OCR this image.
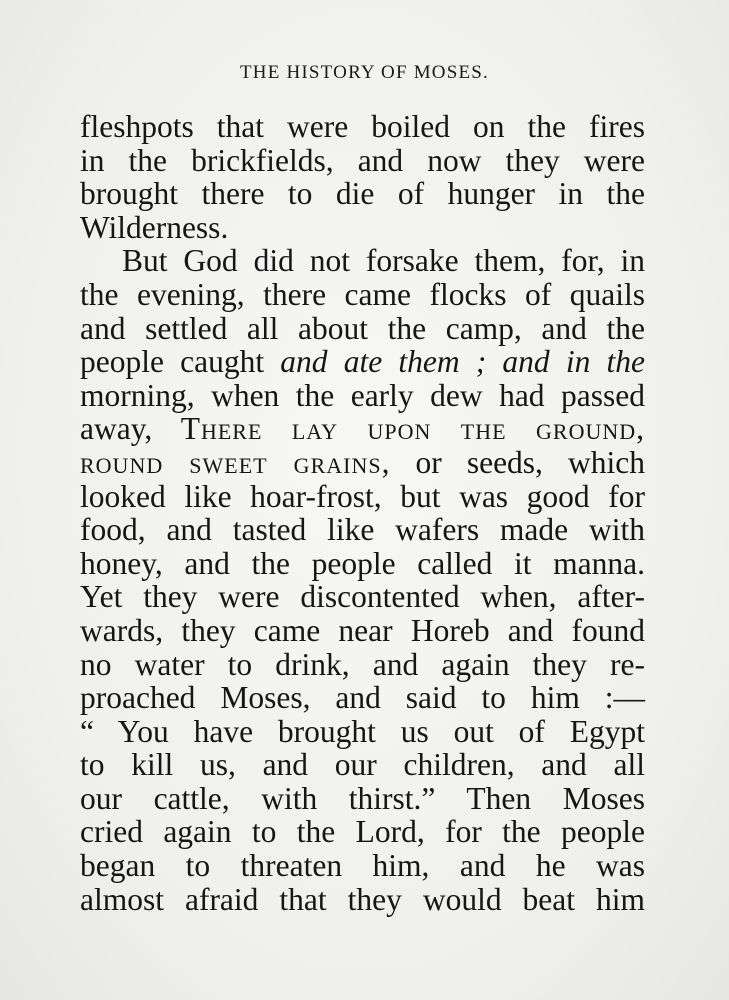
THE HISTORY OF MOSES.
fleshpots that were boiled on the fires
in the brickfields, and now they were
brought there to die of hunger in the
Wilderness.
But God did not forsake them, for, in
the evening, there came flocks of quails
and settled all about the camp, and the
people caught and ate them ; and in the
morning, when the early dew had passed
away, There lay upon the ground,
round sweet grains, or seeds, which
looked like hoar-frost, but was good for
food, and tasted like wafers made with
honey, and the people called it manna.
Yet they were discontented when, after-
wards, they came near Horeb and found
no water to drink, and again they re-
proached Moses, and said to him :—
“ You have brought us out of Egypt
to kill us, and our children, and all
our cattle, with thirst.” Then Moses
cried again to the Lord, for the people
began to threaten him, and he was
almost afraid that they would beat him
